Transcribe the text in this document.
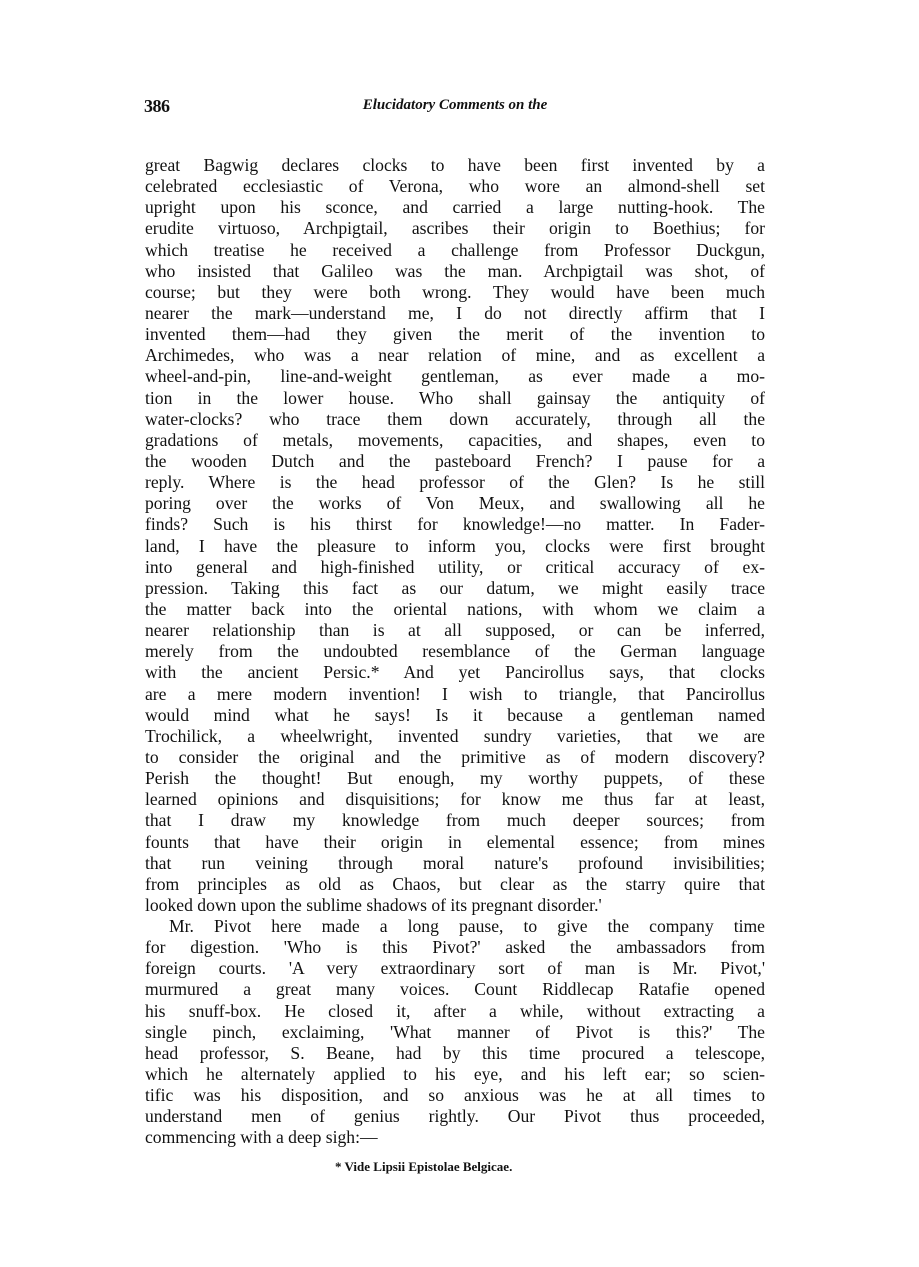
386	Elucidatory Comments on the
great Bagwig declares clocks to have been first invented by a
celebrated ecclesiastic of Verona, who wore an almond-shell set
upright upon his sconce, and carried a large nutting-hook. The
erudite virtuoso, Archpigtail, ascribes their origin to Boethius; for
which treatise he received a challenge from Professor Duckgun,
who insisted that Galileo was the man. Archpigtail was shot, of
course; but they were both wrong. They would have been much
nearer the mark—understand me, I do not directly affirm that I
invented them—had they given the merit of the invention to
Archimedes, who was a near relation of mine, and as excellent a
wheel-and-pin, line-and-weight gentleman, as ever made a mo-
tion in the lower house. Who shall gainsay the antiquity of
water-clocks? who trace them down accurately, through all the
gradations of metals, movements, capacities, and shapes, even to
the wooden Dutch and the pasteboard French? I pause for a
reply. Where is the head professor of the Glen? Is he still
poring over the works of Von Meux, and swallowing all he
finds? Such is his thirst for knowledge!—no matter. In Fader-
land, I have the pleasure to inform you, clocks were first brought
into general and high-finished utility, or critical accuracy of ex-
pression. Taking this fact as our datum, we might easily trace
the matter back into the oriental nations, with whom we claim a
nearer relationship than is at all supposed, or can be inferred,
merely from the undoubted resemblance of the German language
with the ancient Persic.* And yet Pancirollus says, that clocks
are a mere modern invention! I wish to triangle, that Pancirollus
would mind what he says! Is it because a gentleman named
Trochilick, a wheelwright, invented sundry varieties, that we are
to consider the original and the primitive as of modern discovery?
Perish the thought! But enough, my worthy puppets, of these
learned opinions and disquisitions; for know me thus far at least,
that I draw my knowledge from much deeper sources; from
founts that have their origin in elemental essence; from mines
that run veining through moral nature's profound invisibilities;
from principles as old as Chaos, but clear as the starry quire that
looked down upon the sublime shadows of its pregnant disorder.'
Mr. Pivot here made a long pause, to give the company time
for digestion. 'Who is this Pivot?' asked the ambassadors from
foreign courts. 'A very extraordinary sort of man is Mr. Pivot,'
murmured a great many voices. Count Riddlecap Ratafie opened
his snuff-box. He closed it, after a while, without extracting a
single pinch, exclaiming, 'What manner of Pivot is this?' The
head professor, S. Beane, had by this time procured a telescope,
which he alternately applied to his eye, and his left ear; so scien-
tific was his disposition, and so anxious was he at all times to
understand men of genius rightly. Our Pivot thus proceeded,
commencing with a deep sigh:—
* Vide Lipsii Epistolae Belgicae.
